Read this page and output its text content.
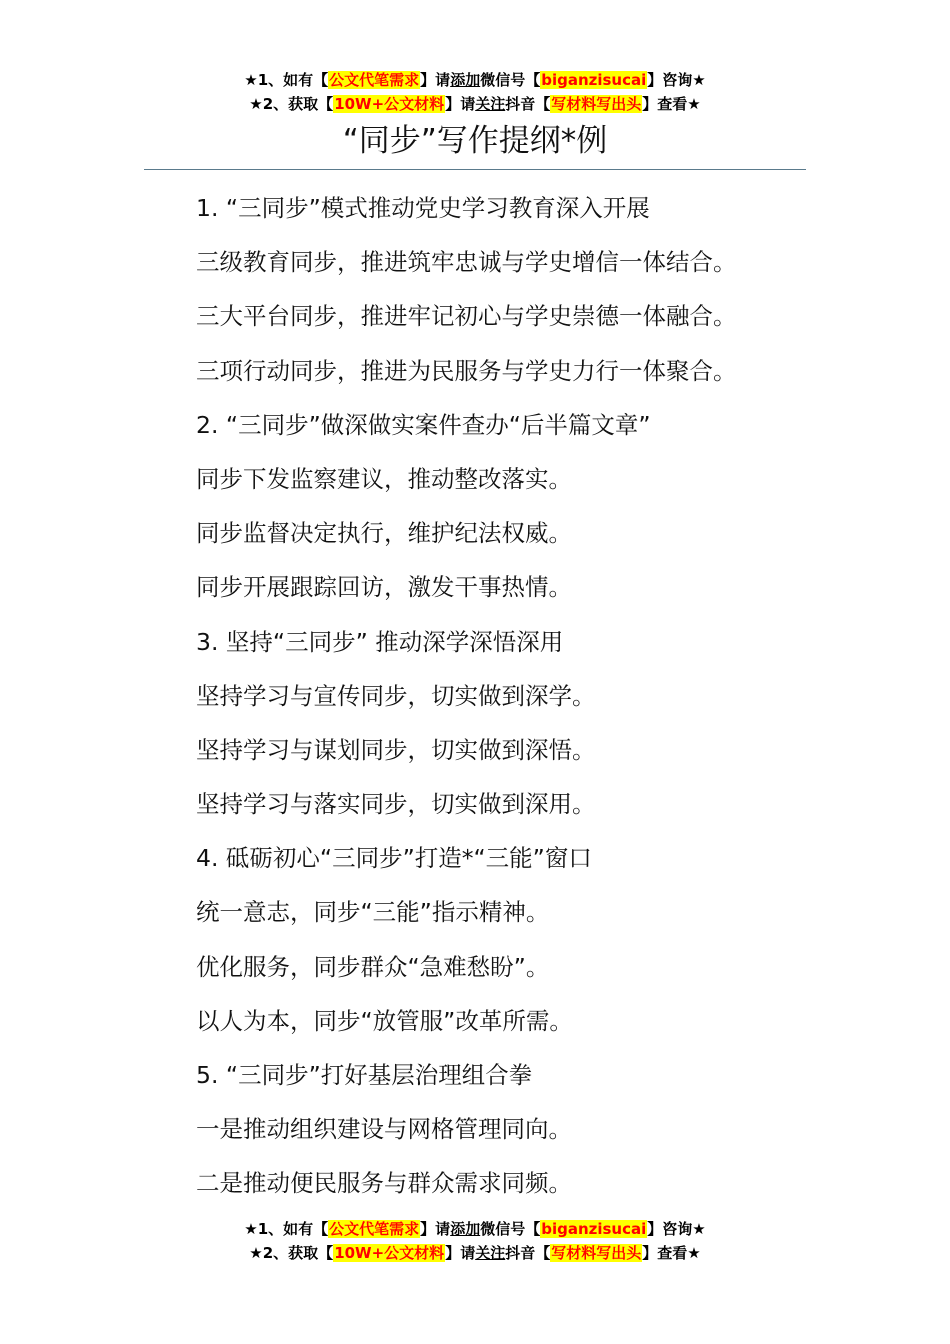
★1、如有【公文代笔需求】请添加微信号【biganzisucai】咨询★
★2、获取【10W+公文材料】请关注抖音【写材料写出头】查看★
“同步”写作提纲*例
1. “三同步”模式推动党史学习教育深入开展
三级教育同步，推进筑牢忠诚与学史增信一体结合。
三大平台同步，推进牢记初心与学史崇德一体融合。
三项行动同步，推进为民服务与学史力行一体聚合。
2. “三同步”做深做实案件查办“后半篇文章”
同步下发监察建议，推动整改落实。
同步监督决定执行，维护纪法权威。
同步开展跟踪回访，激发干事热情。
3. 坚持“三同步” 推动深学深悟深用
坚持学习与宣传同步，切实做到深学。
坚持学习与谋划同步，切实做到深悟。
坚持学习与落实同步，切实做到深用。
4. 砥砺初心“三同步”打造*“三能”窗口
统一意志，同步“三能”指示精神。
优化服务，同步群众“急难愁盼”。
以人为本，同步“放管服”改革所需。
5. “三同步”打好基层治理组合拳
一是推动组织建设与网格管理同向。
二是推动便民服务与群众需求同频。
★1、如有【公文代笔需求】请添加微信号【biganzisucai】咨询★
★2、获取【10W+公文材料】请关注抖音【写材料写出头】查看★
